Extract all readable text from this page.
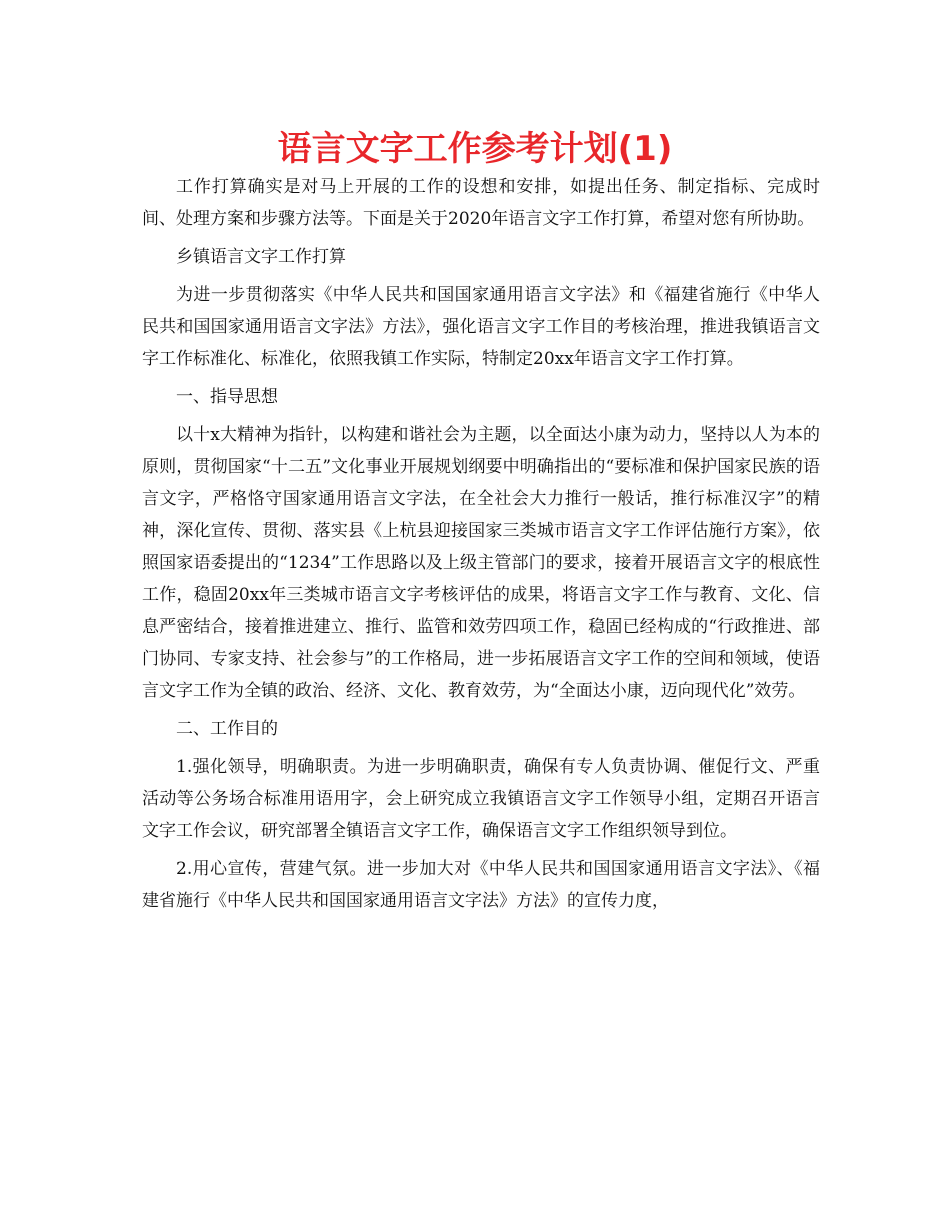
语言文字工作参考计划(1)

工作打算确实是对马上开展的工作的设想和安排，如提出任务、制定指标、完成时间、处理方案和步骤方法等。下面是关于2020年语言文字工作打算，希望对您有所协助。

乡镇语言文字工作打算

为进一步贯彻落实《中华人民共和国国家通用语言文字法》和《福建省施行《中华人民共和国国家通用语言文字法》方法》，强化语言文字工作目的考核治理，推进我镇语言文字工作标准化、标准化，依照我镇工作实际，特制定20xx年语言文字工作打算。

一、指导思想

以十x大精神为指针，以构建和谐社会为主题，以全面达小康为动力，坚持以人为本的原则，贯彻国家“十二五”文化事业开展规划纲要中明确指出的“要标准和保护国家民族的语言文字，严格恪守国家通用语言文字法，在全社会大力推行一般话，推行标准汉字”的精神，深化宣传、贯彻、落实县《上杭县迎接国家三类城市语言文字工作评估施行方案》，依照国家语委提出的“1234”工作思路以及上级主管部门的要求，接着开展语言文字的根底性工作，稳固20xx年三类城市语言文字考核评估的成果，将语言文字工作与教育、文化、信息严密结合，接着推进建立、推行、监管和效劳四项工作，稳固已经构成的“行政推进、部门协同、专家支持、社会参与”的工作格局，进一步拓展语言文字工作的空间和领域，使语言文字工作为全镇的政治、经济、文化、教育效劳，为“全面达小康，迈向现代化”效劳。

二、工作目的

1.强化领导，明确职责。为进一步明确职责，确保有专人负责协调、催促行文、严重活动等公务场合标准用语用字，会上研究成立我镇语言文字工作领导小组，定期召开语言文字工作会议，研究部署全镇语言文字工作，确保语言文字工作组织领导到位。

2.用心宣传，营建气氛。进一步加大对《中华人民共和国国家通用语言文字法》、《福建省施行《中华人民共和国国家通用语言文字法》方法》的宣传力度，
